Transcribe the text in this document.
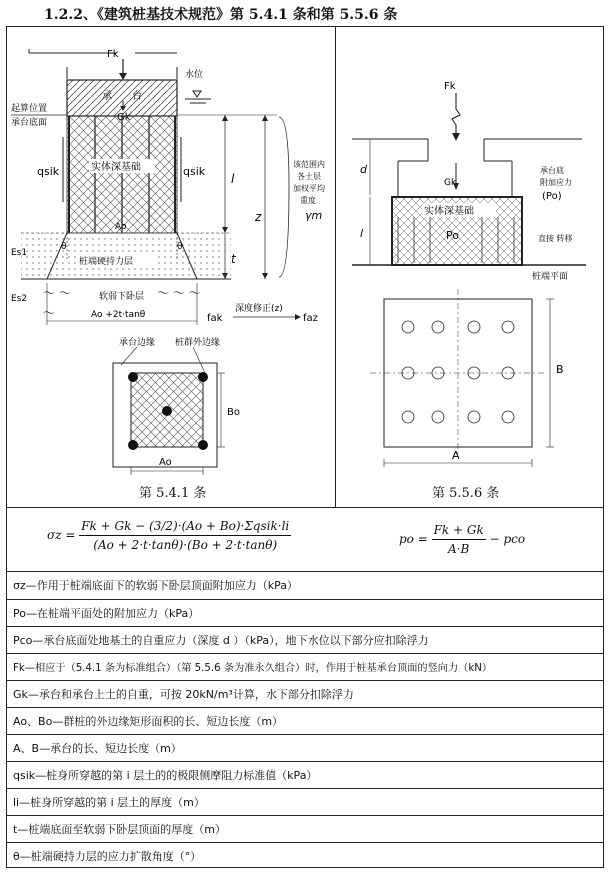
1.2.2、《建筑桩基技术规范》第 5.4.1 条和第 5.5.6 条
Fk
承 台
水位
起算位置
承台底面
实体深基础
qsik	qsik
l
t
z
该范围内
各土层
加权平均
重度
γm
Ao
θ	θ
桩端硬持力层
Es1
Es2 〜 〜	软弱下卧层 〜 〜 〜
〜	Ao +2t·tanθ	fak
深度修正(z)
faz
承台边缘 桩群外边缘
Bo
Ao
Fk
d
Gk
承台底
附加应力
(Po)
实体深基础
Po	直接 转移
l
桩端平面
B
A
第 5.4.1 条	第 5.5.6 条
$\sigma z = \frac{\text{Fk + Gk − (3/2)·(Ao + Bo)·Σqsik·li}}{(Ao + 2\cdot t\cdot\tan\theta)\cdot(Bo + 2\cdot t\cdot\tan\theta)}$	po = $\frac{Fk + Gk}{A\cdot B}$ − pco
σz—作用于桩端底面下的软弱下卧层顶面附加应力（kPa）
Po—在桩端平面处的附加应力（kPa）
Pco—承台底面处地基土的自重应力（深度 d ）（kPa），地下水位以下部分应扣除浮力
Fk—相应于（5.4.1 条为标准组合）（第 5.5.6 条为准永久组合）时，作用于桩基承台顶面的竖向力（kN）
Gk—承台和承台上土的自重，可按 20kN/m³计算，水下部分扣除浮力
Ao、Bo—群桩的外边缘矩形面积的长、短边长度（m）
A、B—承台的长、短边长度（m）
qsik—桩身所穿越的第 i 层土的的极限侧摩阻力标准值（kPa）
li—桩身所穿越的第 i 层土的厚度（m）
t—桩端底面至软弱下卧层顶面的厚度（m）
θ—桩端硬持力层的应力扩散角度（°）
